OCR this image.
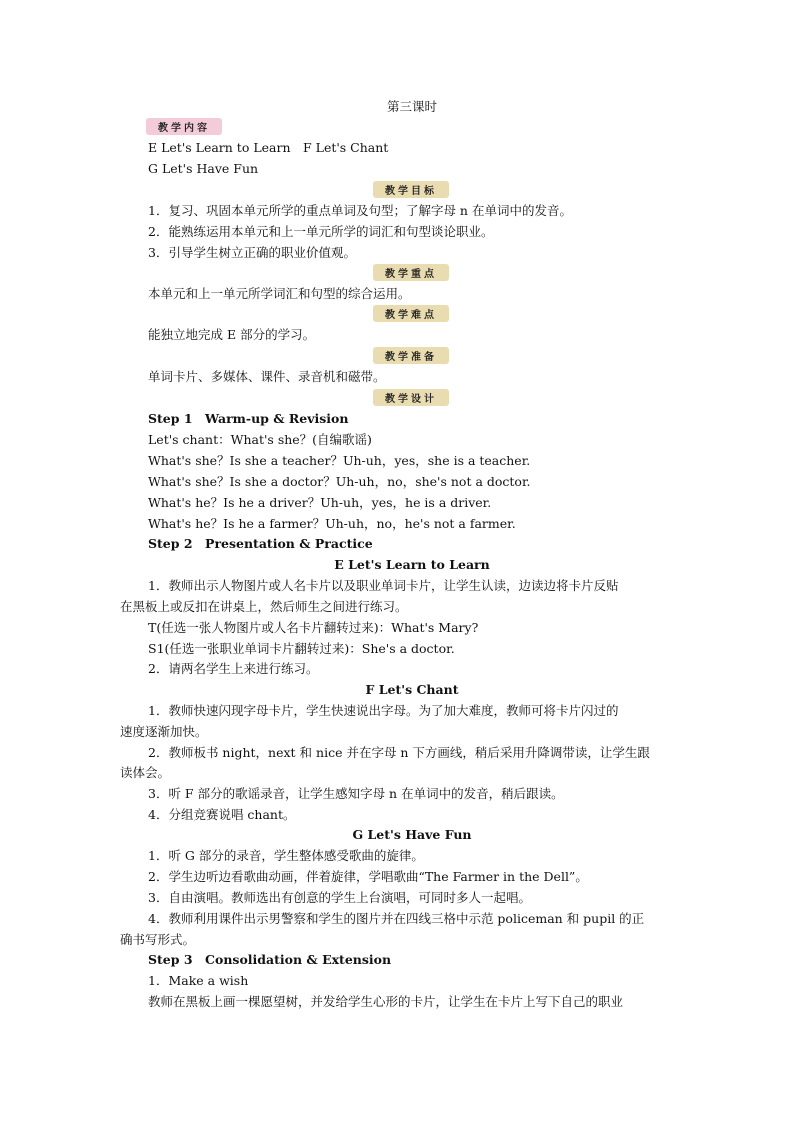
第三课时
教学内容
E Let's Learn to Learn　F Let's Chant
G Let's Have Fun
教学目标
1．复习、巩固本单元所学的重点单词及句型；了解字母 n 在单词中的发音。
2．能熟练运用本单元和上一单元所学的词汇和句型谈论职业。
3．引导学生树立正确的职业价值观。
教学重点
本单元和上一单元所学词汇和句型的综合运用。
教学难点
能独立地完成 E 部分的学习。
教学准备
单词卡片、多媒体、课件、录音机和磁带。
教学设计
Step 1　Warm-up & Revision
Let's chant：What's she？(自编歌谣)
What's she？Is she a teacher？Uh-uh，yes，she is a teacher.
What's she？Is she a doctor？Uh-uh，no，she's not a doctor.
What's he？Is he a driver？Uh-uh，yes，he is a driver.
What's he？Is he a farmer？Uh-uh，no，he's not a farmer.
Step 2　Presentation & Practice
E Let's Learn to Learn
1．教师出示人物图片或人名卡片以及职业单词卡片，让学生认读，边读边将卡片反贴
在黑板上或反扣在讲桌上，然后师生之间进行练习。
T(任选一张人物图片或人名卡片翻转过来)：What's Mary?
S1(任选一张职业单词卡片翻转过来)：She's a doctor.
2．请两名学生上来进行练习。
F Let's Chant
1．教师快速闪现字母卡片，学生快速说出字母。为了加大难度，教师可将卡片闪过的
速度逐渐加快。
2．教师板书 night，next 和 nice 并在字母 n 下方画线，稍后采用升降调带读，让学生跟
读体会。
3．听 F 部分的歌谣录音，让学生感知字母 n 在单词中的发音，稍后跟读。
4．分组竞赛说唱 chant。
G Let's Have Fun
1．听 G 部分的录音，学生整体感受歌曲的旋律。
2．学生边听边看歌曲动画，伴着旋律，学唱歌曲“The Farmer in the Dell”。
3．自由演唱。教师选出有创意的学生上台演唱，可同时多人一起唱。
4．教师利用课件出示男警察和学生的图片并在四线三格中示范 policeman 和 pupil 的正
确书写形式。
Step 3　Consolidation & Extension
1．Make a wish
教师在黑板上画一棵愿望树，并发给学生心形的卡片，让学生在卡片上写下自己的职业
